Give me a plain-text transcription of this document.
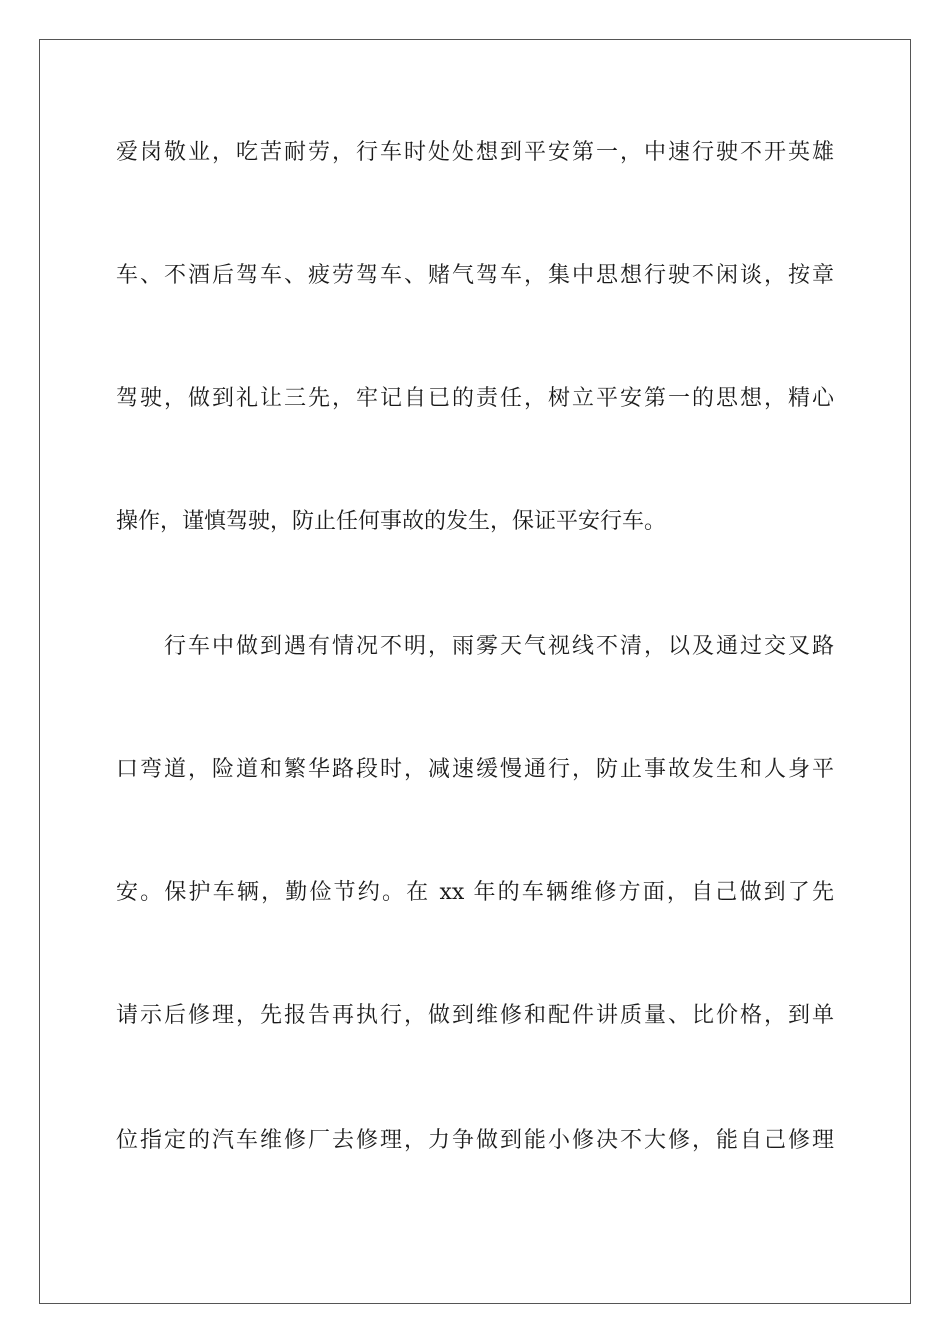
爱岗敬业，吃苦耐劳，行车时处处想到平安第一，中速行驶不开英雄
车、不酒后驾车、疲劳驾车、赌气驾车，集中思想行驶不闲谈，按章
驾驶，做到礼让三先，牢记自已的责任，树立平安第一的思想，精心
操作，谨慎驾驶，防止任何事故的发生，保证平安行车。
行车中做到遇有情况不明，雨雾天气视线不清，以及通过交叉路
口弯道，险道和繁华路段时，减速缓慢通行，防止事故发生和人身平
安。保护车辆，勤俭节约。在 xx 年的车辆维修方面，自己做到了先
请示后修理，先报告再执行，做到维修和配件讲质量、比价格，到单
位指定的汽车维修厂去修理，力争做到能小修决不大修，能自己修理
